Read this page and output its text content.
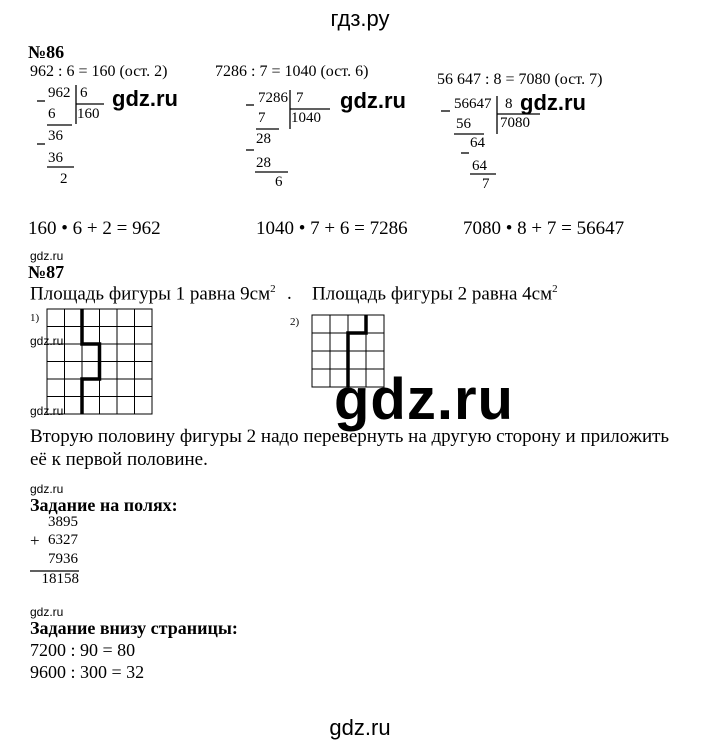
гдз.ру
№86
962 : 6 = 160 (ост. 2)
962 6
160
6
36
36
2
gdz.ru
7286 : 7 = 1040 (ост. 6)
7286 7
1040
7
28
28
6
gdz.ru
56 647 : 8 = 7080 (ост. 7)
56647 8
7080
56
64
64
7
gdz.ru
160 • 6 + 2 = 962	1040 • 7 + 6 = 7286	7080 • 8 + 7 = 56647
gdz.ru
№87
Площадь фигуры 1 равна $9см^2$ . Площадь фигуры 2 равна $4см^2$
1)	2)
gdz.ru
gdz.ru	gdz.ru
Вторую половину фигуры 2 надо перевернуть на другую сторону и приложить
её к первой половине.
gdz.ru
Задание на полях:
3895
+ 6327
7936
18158
gdz.ru
Задание внизу страницы:
7200 : 90 = 80
9600 : 300 = 32
gdz.ru
